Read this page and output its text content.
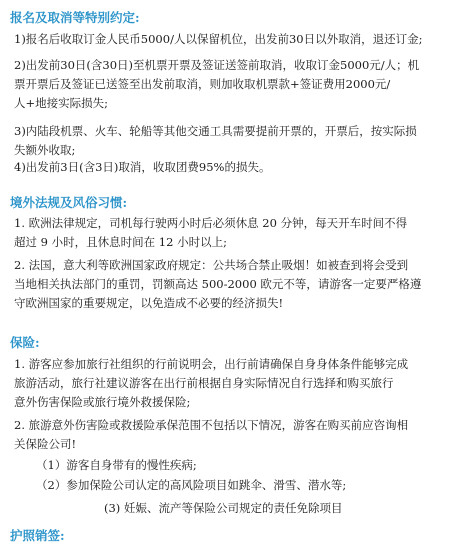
报名及取消等特别约定:
1)报名后收取订金人民币5000/人以保留机位，出发前30日以外取消，退还订金;
2)出发前30日(含30日)至机票开票及签证送签前取消，收取订金5000元/人；机
票开票后及签证已送签至出发前取消，则加收取机票款+签证费用2000元/
人+地接实际损失;
3)内陆段机票、火车、轮船等其他交通工具需要提前开票的，开票后，按实际损
失额外收取;
4)出发前3日(含3日)取消，收取团费95%的损失。
境外法规及风俗习惯:
1. 欧洲法律规定，司机每行驶两小时后必须休息 20 分钟，每天开车时间不得
超过 9 小时，且休息时间在 12 小时以上;
2. 法国，意大利等欧洲国家政府规定：公共场合禁止吸烟！如被查到将会受到
当地相关执法部门的重罚，罚额高达 500-2000 欧元不等，请游客一定要严格遵
守欧洲国家的重要规定，以免造成不必要的经济损失!
保险:
1. 游客应参加旅行社组织的行前说明会，出行前请确保自身身体条件能够完成
旅游活动，旅行社建议游客在出行前根据自身实际情况自行选择和购买旅行
意外伤害保险或旅行境外救援保险;
2. 旅游意外伤害险或救援险承保范围不包括以下情况，游客在购买前应咨询相
关保险公司!
（1）游客自身带有的慢性疾病;
（2）参加保险公司认定的高风险项目如跳伞、滑雪、潜水等;
(3) 妊娠、流产等保险公司规定的责任免除项目
护照销签:
